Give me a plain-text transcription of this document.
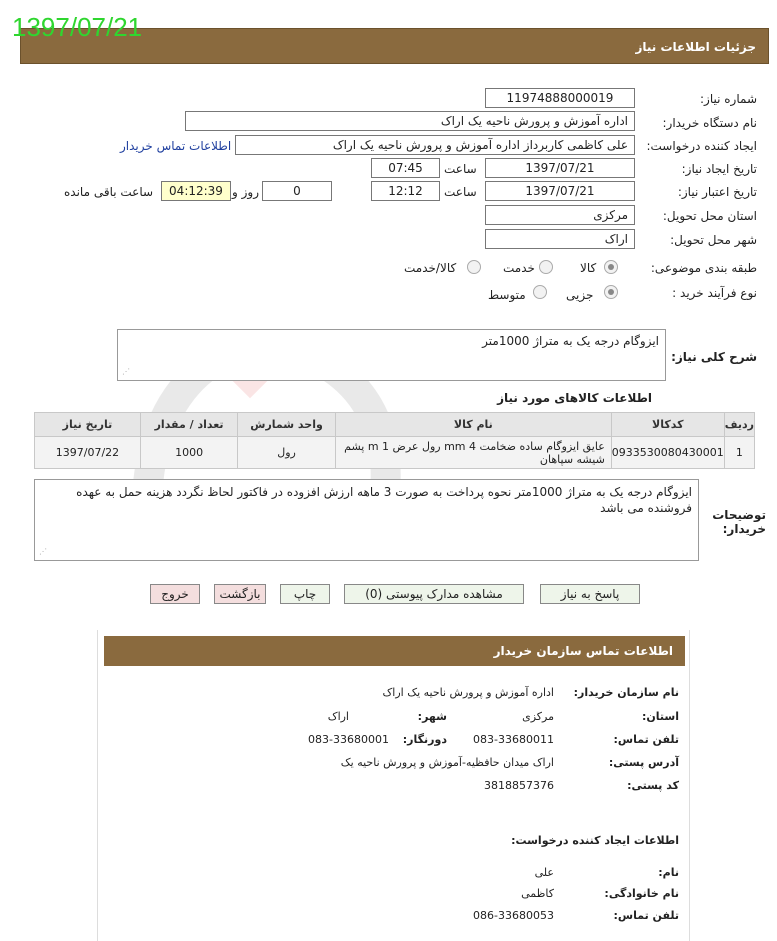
1397/07/21
جزئیات اطلاعات نیاز
شماره نیاز:
11974888000019
نام دستگاه خریدار:
اداره آموزش و پرورش ناحیه یک اراک
ایجاد کننده درخواست:
علی کاظمی کاربرداز اداره آموزش و پرورش ناحیه یک اراک
اطلاعات تماس خریدار
تاریخ ایجاد نیاز:
1397/07/21
ساعت
07:45
تاریخ اعتبار نیاز:
1397/07/21
ساعت
12:12
0
روز و
04:12:39
ساعت باقی مانده
استان محل تحویل:
مرکزی
شهر محل تحویل:
اراک
طبقه بندی موضوعی:
کالا
خدمت
کالا/خدمت
نوع فرآیند خرید :
جزیی
متوسط
شرح کلی نیاز:
ایزوگام درجه یک به متراژ 1000متر
⋰
اطلاعات کالاهای مورد نیاز
ردیف	کدکالا	نام کالا	واحد شمارش	تعداد / مقدار	تاریخ نیاز
1	0933530080430001	عایق ایزوگام ساده ضخامت mm 4 رول عرض m 1 پشم شیشه سپاهان	رول	1000	1397/07/22
توضیحات خریدار:
ایزوگام درجه یک به متراژ 1000متر نحوه پرداخت به صورت 3 ماهه ارزش افزوده در فاکتور لحاظ نگردد هزینه حمل به عهده فروشنده می باشد
⋰
پاسخ به نیاز
مشاهده مدارک پیوستی (0)
چاپ
بازگشت
خروج
اطلاعات تماس سازمان خریدار
نام سازمان خریدار:
اداره آموزش و پرورش ناحیه یک اراک
استان:
مرکزی
شهر:
اراک
تلفن تماس:
083-33680011
دورنگار:
083-33680001
آدرس پستی:
اراک میدان حافظیه-آموزش و پرورش ناحیه یک
کد پستی:
3818857376
اطلاعات ایجاد کننده درخواست:
نام:
علی
نام خانوادگی:
کاظمی
تلفن تماس:
086-33680053
